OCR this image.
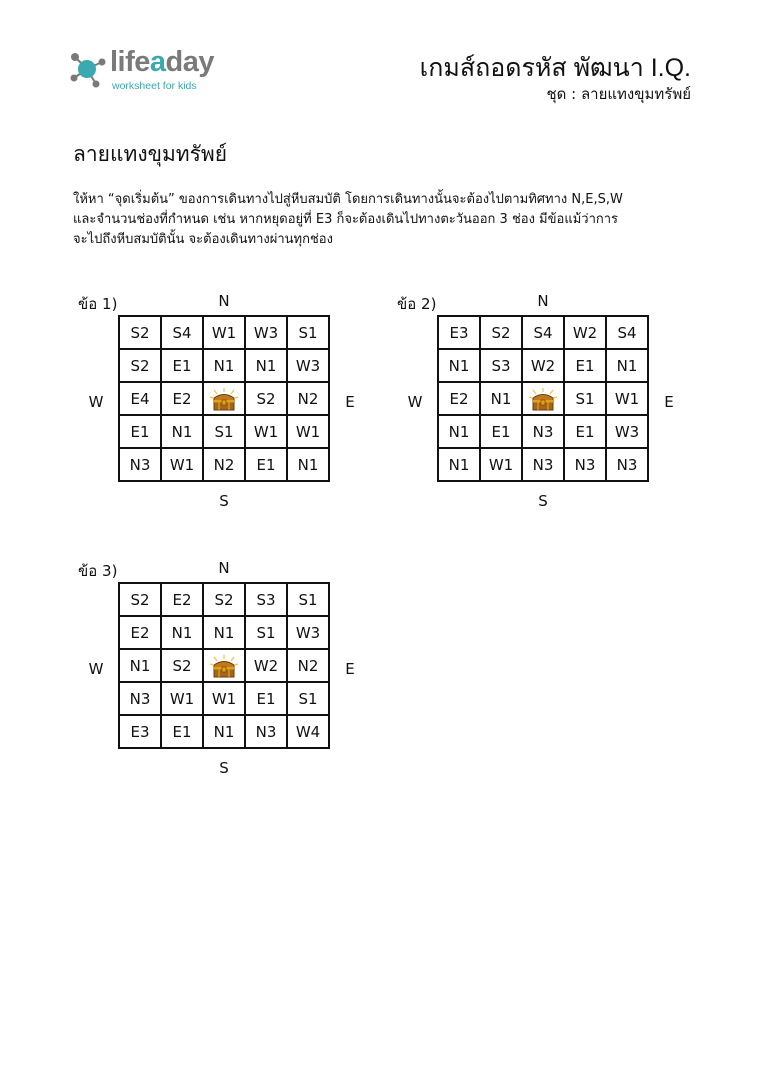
lifeaday
worksheet for kids
เกมส์ถอดรหัส พัฒนา I.Q.
ชุด : ลายแทงขุมทรัพย์
ลายแทงขุมทรัพย์
ให้หา “จุดเริ่มต้น” ของการเดินทางไปสู่หีบสมบัติ โดยการเดินทางนั้นจะต้องไปตามทิศทาง N,E,S,W
และจำนวนช่องที่กำหนด เช่น หากหยุดอยู่ที่ E3 ก็จะต้องเดินไปทางตะวันออก 3 ช่อง มีข้อแม้ว่าการ
จะไปถึงหีบสมบัตินั้น จะต้องเดินทางผ่านทุกช่อง
ข้อ 1)	N
W	E
S
S2	S4	W1	W3	S1
S2	E1	N1	N1	W3
E4	E2		S2	N2
E1	N1	S1	W1	W1
N3	W1	N2	E1	N1
ข้อ 2)	N
W	E
S
E3	S2	S4	W2	S4
N1	S3	W2	E1	N1
E2	N1		S1	W1
N1	E1	N3	E1	W3
N1	W1	N3	N3	N3
ข้อ 3)	N
W	E
S
S2	E2	S2	S3	S1
E2	N1	N1	S1	W3
N1	S2		W2	N2
N3	W1	W1	E1	S1
E3	E1	N1	N3	W4
